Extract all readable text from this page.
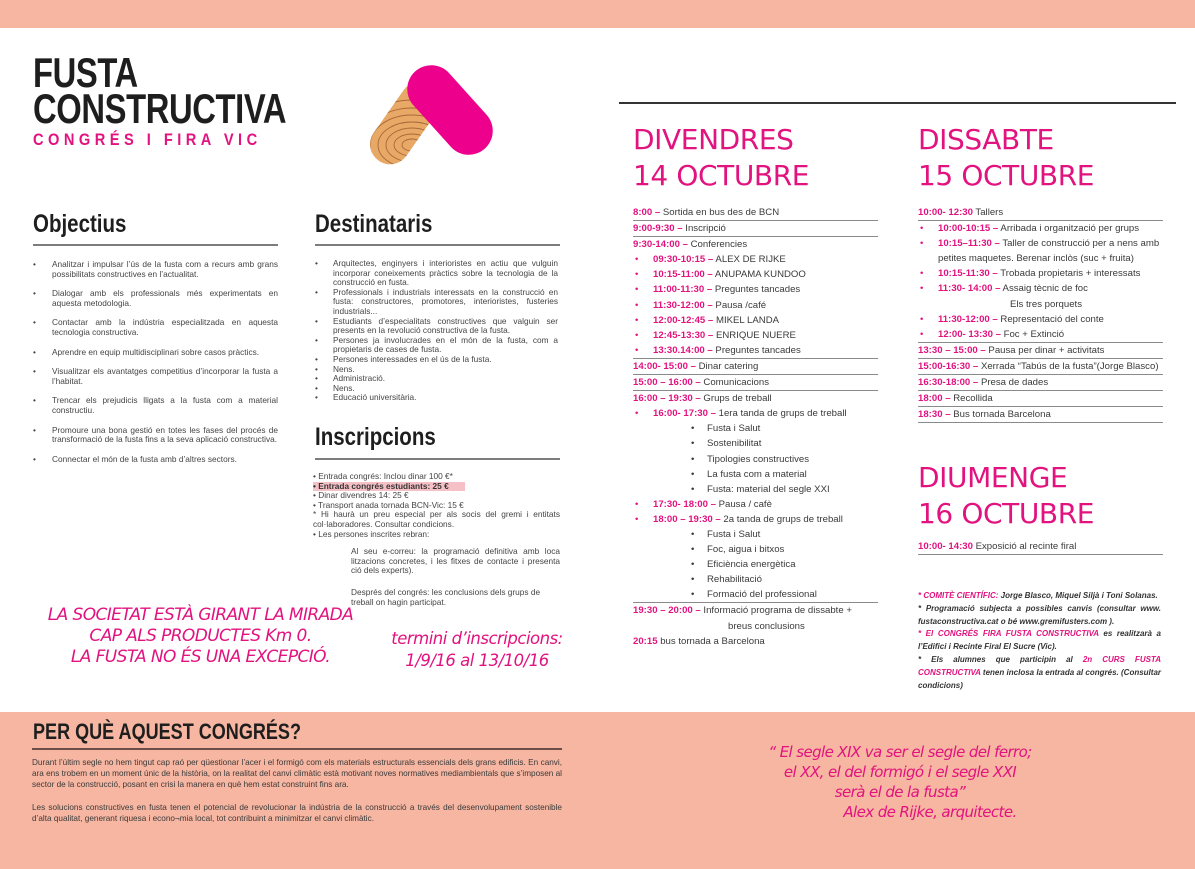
FUSTA
CONSTRUCTIVA
CONGRÉS I FIRA VIC
Objectius
• Analitzar i impulsar l’ús de la fusta com a recurs amb grans possibilitats constructives en l’actualitat.
• Dialogar amb els professionals més experimentats en aquesta metodologia.
• Contactar amb la indústria especialitzada en aquesta tecnologia constructiva.
• Aprendre en equip multidisciplinari sobre casos pràctics.
• Visualitzar els avantatges competitius d’incorporar la fusta a l’habitat.
• Trencar els prejudicis lligats a la fusta com a material constructiu.
• Promoure una bona gestió en totes les fases del procés de transformació de la fusta fins a la seva aplicació constructiva.
• Connectar el món de la fusta amb d’altres sectors.
Destinataris
• Arquitectes, enginyers i interioristes en actiu que vulguin incorporar coneixements pràctics sobre la tecnologia de la construcció en fusta.
• Professionals i industrials interessats en la construcció en fusta: constructores, promotores, interioristes, fusteries industrials...
• Estudiants d’especialitats constructives que valguin ser presents en la revolució constructiva de la fusta.
• Persones ja involucrades en el món de la fusta, com a propietaris de cases de fusta.
• Persones interessades en el ús de la fusta.
• Nens.
• Administració.
• Nens.
• Educació universitària.
Inscripcions
• Entrada congrés: Inclou dinar 100 €*
• Entrada congrés estudiants: 25 €
• Dinar divendres 14: 25 €
• Transport anada tornada BCN-Vic: 15 €
* Hi haurà un preu especial per als socis del gremi i entitats col·laboradores. Consultar condicions.
• Les persones inscrites rebran:
Al seu e-correu: la programació definitiva amb loca litzacions concretes, i les fitxes de contacte i presenta ció dels experts).
Després del congrés: les conclusions dels grups de treball on hagin participat.
LA SOCIETAT ESTÀ GIRANT LA MIRADA
CAP ALS PRODUCTES Km 0.
LA FUSTA NO ÉS UNA EXCEPCIÓ.
termini d’inscripcions:
1/9/16 al 13/10/16
DIVENDRES
14 OCTUBRE
DISSABTE
15 OCTUBRE
DIUMENGE
16 OCTUBRE
8:00 – Sortida en bus des de BCN
9:00-9:30 – Inscripció
9:30-14:00 – Conferencies
• 09:30-10:15 – ALEX DE RIJKE
• 10:15-11:00 – ANUPAMA KUNDOO
• 11:00-11:30 – Preguntes tancades
• 11:30-12:00 – Pausa /café
• 12:00-12:45 – MIKEL LANDA
• 12:45-13:30 – ENRIQUE NUERE
• 13:30.14:00 – Preguntes tancades
14:00- 15:00 – Dinar catering
15:00 – 16:00 – Comunicacions
16:00 – 19:30 – Grups de treball
• 16:00- 17:30 – 1era tanda de grups de treball
• Fusta i Salut
• Sostenibilitat
• Tipologies constructives
• La fusta com a material
• Fusta: material del segle XXI
• 17:30- 18:00 – Pausa / cafè
• 18:00 – 19:30 – 2a tanda de grups de treball
• Fusta i Salut
• Foc, aigua i bitxos
• Eficiència energètica
• Rehabilitació
• Formació del professional
19:30 – 20:00 – Informació programa de dissabte +
breus conclusions
20:15 bus tornada a Barcelona
10:00- 12:30 Tallers
• 10:00-10:15 – Arribada i organització per grups
• 10:15–11:30 – Taller de construcció per a nens amb petites maquetes. Berenar inclòs (suc + fruita)
• 10:15-11:30 – Trobada propietaris + interessats
• 11:30- 14:00 – Assaig tècnic de foc
Els tres porquets
• 11:30-12:00 – Representació del conte
• 12:00- 13:30 – Foc + Extinció
13:30 – 15:00 – Pausa per dinar + activitats
15:00-16:30 – Xerrada “Tabús de la fusta”(Jorge Blasco)
16:30-18:00 – Presa de dades
18:00 – Recollida
18:30 – Bus tornada Barcelona
10:00- 14:30 Exposició al recinte firal
* COMITÈ CIENTÍFIC: Jorge Blasco, Miquel Siljà i Toni Solanas.
* Programació subjecta a possibles canvis (consultar www. fustaconstructiva.cat o bé www.gremifusters.com ).
* El CONGRÉS FIRA FUSTA CONSTRUCTIVA es realitzarà a l’Edifici i Recinte Firal El Sucre (Vic).
* Els alumnes que participin al 2n CURS FUSTA CONSTRUCTIVA tenen inclosa la entrada al congrés. (Consultar condicions)
PER QUÈ AQUEST CONGRÉS?

Durant l’últim segle no hem tingut cap raó per qüestionar l’acer i el formigó com els materials estructurals essencials dels grans edificis. En canvi, ara ens trobem en un moment únic de la història, on la realitat del canvi climàtic està motivant noves normatives mediambientals que s’imposen al sector de la construcció, posant en crisi la manera en què hem estat construint fins ara.

Les solucions constructives en fusta tenen el potencial de revolucionar la indústria de la construcció a través del desenvolupament sostenible d’alta qualitat, generant riquesa i econo¬mia local, tot contribuint a minimitzar el canvi climàtic.

“ El segle XIX va ser el segle del ferro;
el XX, el del formigó i el segle XXI
serà el de la fusta”
Alex de Rijke, arquitecte.
